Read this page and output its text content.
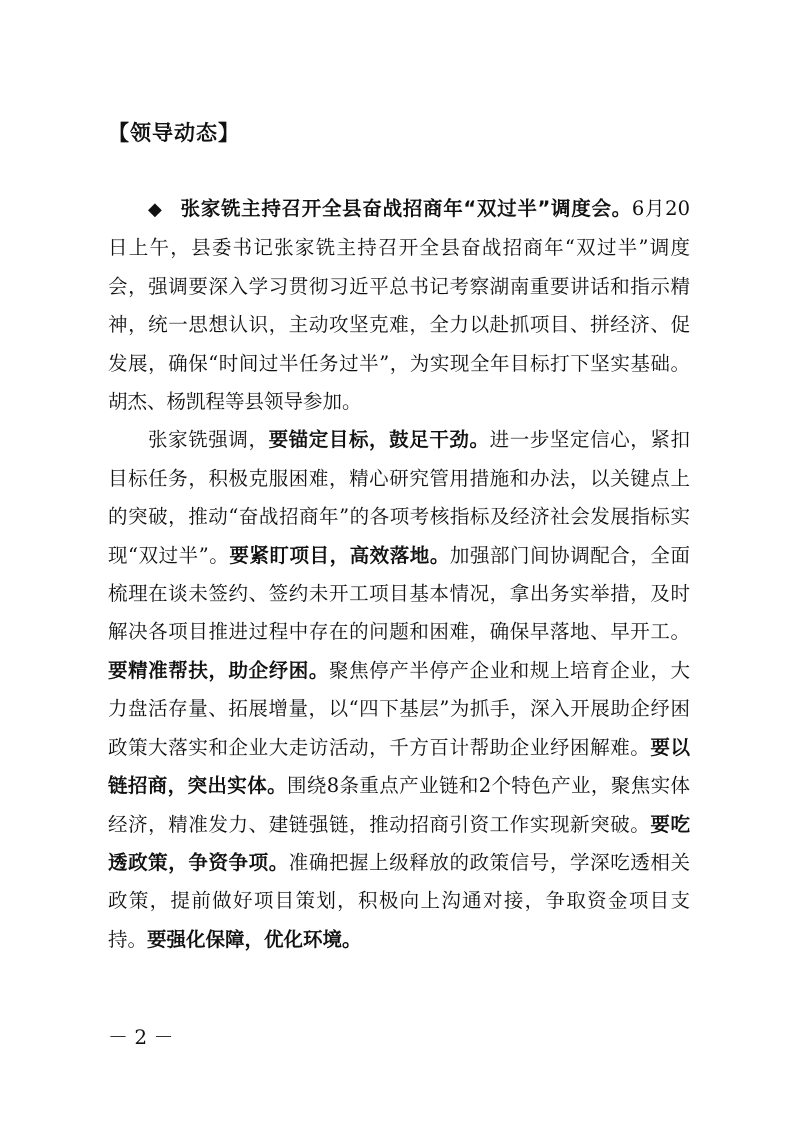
【领导动态】

◆ 张家铣主持召开全县奋战招商年“双过半”调度会。6月20日上午，县委书记张家铣主持召开全县奋战招商年“双过半”调度会，强调要深入学习贯彻习近平总书记考察湖南重要讲话和指示精神，统一思想认识，主动攻坚克难，全力以赴抓项目、拼经济、促发展，确保“时间过半任务过半”，为实现全年目标打下坚实基础。胡杰、杨凯程等县领导参加。

张家铣强调，要锚定目标，鼓足干劲。进一步坚定信心，紧扣目标任务，积极克服困难，精心研究管用措施和办法，以关键点上的突破，推动“奋战招商年”的各项考核指标及经济社会发展指标实现“双过半”。要紧盯项目，高效落地。加强部门间协调配合，全面梳理在谈未签约、签约未开工项目基本情况，拿出务实举措，及时解决各项目推进过程中存在的问题和困难，确保早落地、早开工。要精准帮扶，助企纾困。聚焦停产半停产企业和规上培育企业，大力盘活存量、拓展增量，以“四下基层”为抓手，深入开展助企纾困政策大落实和企业大走访活动，千方百计帮助企业纾困解难。要以链招商，突出实体。围绕8条重点产业链和2个特色产业，聚焦实体经济，精准发力、建链强链，推动招商引资工作实现新突破。要吃透政策，争资争项。准确把握上级释放的政策信号，学深吃透相关政策，提前做好项目策划，积极向上沟通对接，争取资金项目支持。要强化保障，优化环境。

－ 2 －
